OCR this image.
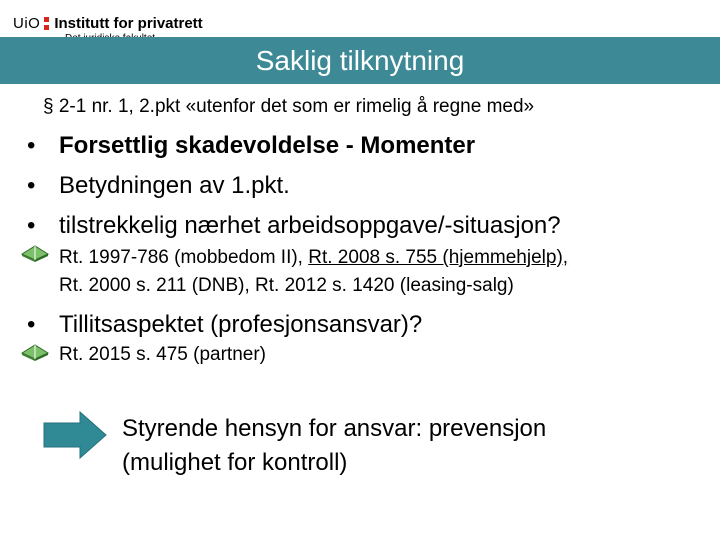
UiO Institutt for privatrett
Saklig tilknytning
§ 2-1 nr. 1, 2.pkt «utenfor det som er rimelig å regne med»
• Forsettlig skadevoldelse - Momenter
• Betydningen av 1.pkt.
• tilstrekkelig nærhet arbeidsoppgave/-situasjon?
Rt. 1997-786 (mobbedom II), Rt. 2008 s. 755 (hjemmehjelp),
Rt. 2000 s. 211 (DNB), Rt. 2012 s. 1420 (leasing-salg)
• Tillitsaspektet (profesjonsansvar)?
Rt. 2015 s. 475 (partner)
Styrende hensyn for ansvar: prevensjon
(mulighet for kontroll)
